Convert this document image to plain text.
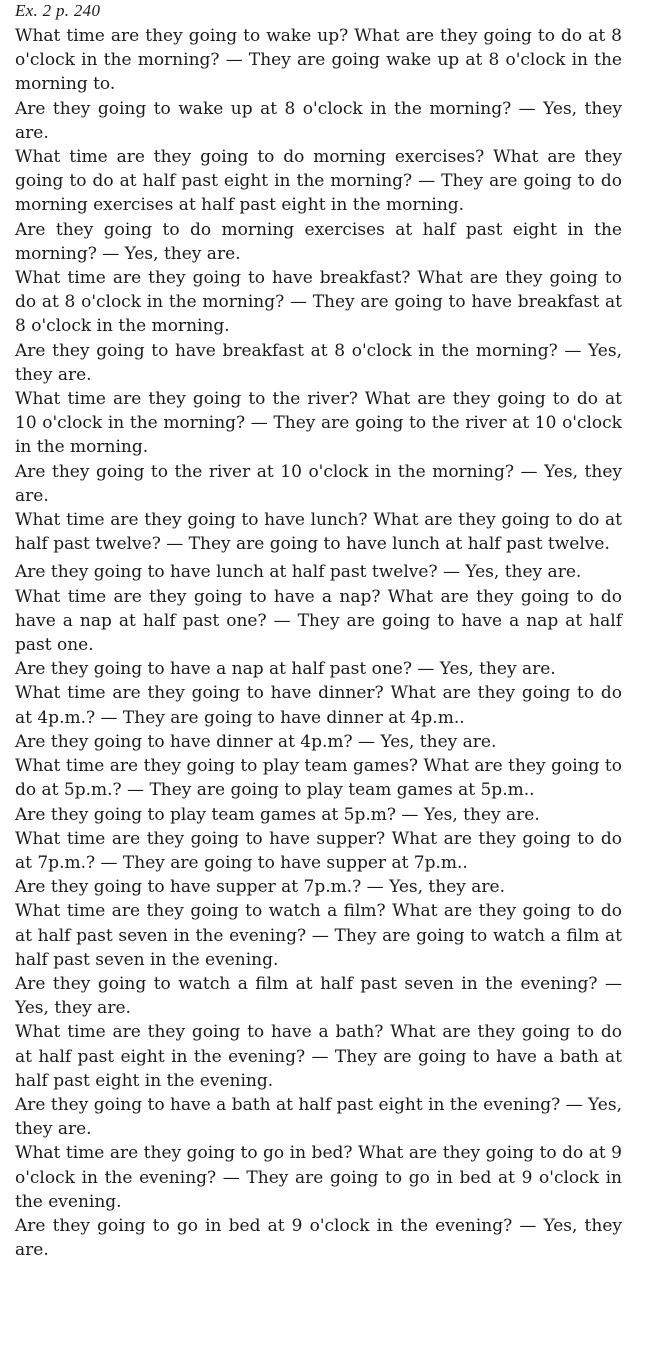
Ex. 2 p. 240

What time are they going to wake up? What are they going to do at 8 o'clock in the morning? — They are going wake up at 8 o'clock in the morning to.

Are they going to wake up at 8 o'clock in the morning? — Yes, they are.

What time are they going to do morning exercises? What are they going to do at half past eight in the morning? — They are going to do morning exercises at half past eight in the morning.

Are they going to do morning exercises at half past eight in the morning? — Yes, they are.

What time are they going to have breakfast? What are they going to do at 8 o'clock in the morning? — They are going to have breakfast at 8 o'clock in the morning.

Are they going to have breakfast at 8 o'clock in the morning? — Yes, they are.

What time are they going to the river? What are they going to do at 10 o'clock in the morning? — They are going to the river at 10 o'clock in the morning.

Are they going to the river at 10 o'clock in the morning? — Yes, they are.

What time are they going to have lunch? What are they going to do at half past twelve? — They are going to have lunch at half past twelve.

Are they going to have lunch at half past twelve? — Yes, they are.

What time are they going to have a nap? What are they going to do have a nap at half past one? — They are going to have a nap at half past one.

Are they going to have a nap at half past one? — Yes, they are.

What time are they going to have dinner? What are they going to do at 4p.m.? — They are going to have dinner at 4p.m..

Are they going to have dinner at 4p.m? — Yes, they are.

What time are they going to play team games? What are they going to do at 5p.m.? — They are going to play team games at 5p.m..

Are they going to play team games at 5p.m? — Yes, they are.

What time are they going to have supper? What are they going to do at 7p.m.? — They are going to have supper at 7p.m..

Are they going to have supper at 7p.m.? — Yes, they are.

What time are they going to watch a film? What are they going to do at half past seven in the evening? — They are going to watch a film at half past seven in the evening.

Are they going to watch a film at half past seven in the evening? — Yes, they are.

What time are they going to have a bath? What are they going to do at half past eight in the evening? — They are going to have a bath at half past eight in the evening.

Are they going to have a bath at half past eight in the evening? — Yes, they are.

What time are they going to go in bed? What are they going to do at 9 o'clock in the evening? — They are going to go in bed at 9 o'clock in the evening.

Are they going to go in bed at 9 o'clock in the evening? — Yes, they are.
